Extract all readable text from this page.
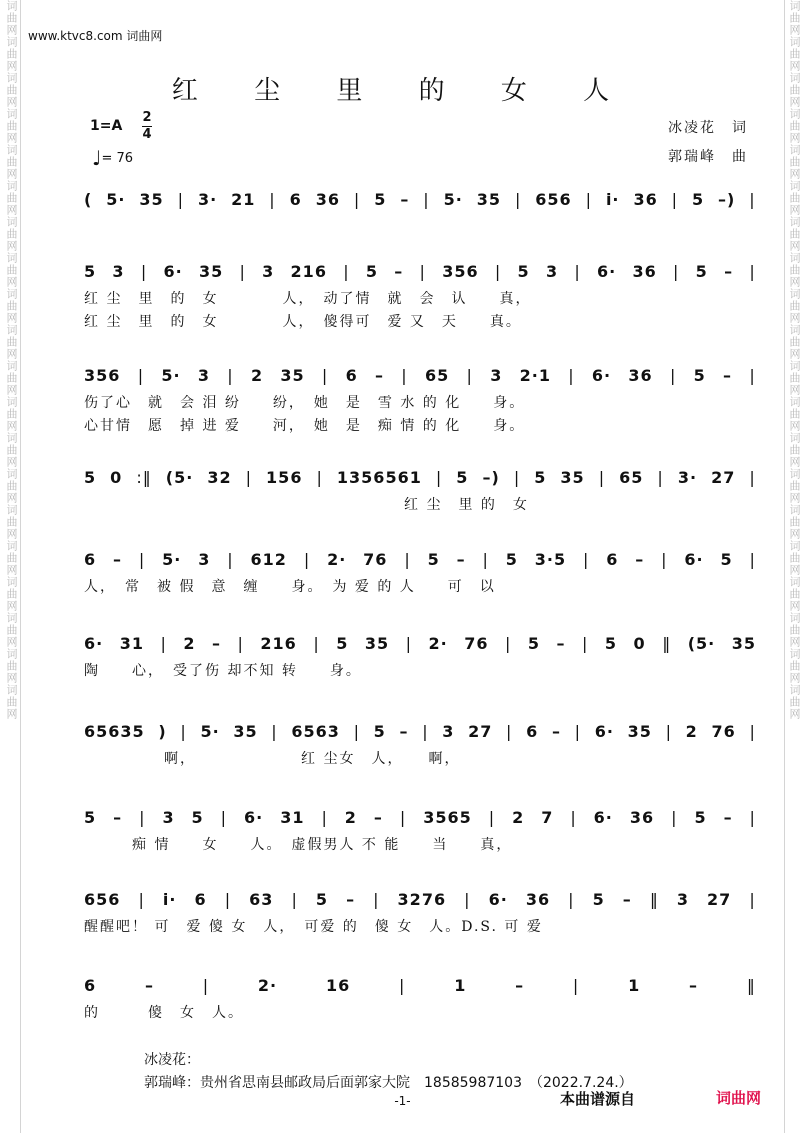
词曲网词曲网词曲网词曲网词曲网词曲网词曲网词曲网词曲网词曲网词曲网词曲网词曲网词曲网词曲网词曲网词曲网词曲网词曲网词曲网	词曲网词曲网词曲网词曲网词曲网词曲网词曲网词曲网词曲网词曲网词曲网词曲网词曲网词曲网词曲网词曲网词曲网词曲网词曲网词曲网
www.ktvc8.com 词曲网
红 尘 里 的 女 人
1=A
2
4
♩= 76
冰凌花　词
郭瑞峰　曲
( 5· 35 | 3· 21 | 6 36 | 5 – | 5· 35 | 656 | i· 36 | 5 –) |
5 3 | 6· 35 | 3 216 | 5 – | 356 | 5 3 | 6· 36 | 5 – |
红 尘　里　的　女　　　　人，　动了情　就　会　认　　真，
红 尘　里　的　女　　　　人，　傻得可　爱 又　天　　真。
356 | 5· 3 | 2 35 | 6 – | 65 | 3 2·1 | 6· 36 | 5 – |
伤了心　就　会 泪 纷　　纷，　她　是　雪 水 的 化　　身。
心甘情　愿　掉 进 爱　　河，　她　是　痴 情 的 化　　身。
5 0 :‖ (5· 32 | 156 | 1356561 | 5 –) | 5 35 | 65 | 3· 27 |
　　　　　　　　　　　　　　　　　　　　红 尘　里 的　女
6 – | 5· 3 | 612 | 2· 76 | 5 – | 5 3·5 | 6 – | 6· 5 |
人，　常　被 假　意　缠　　身。　为 爱 的 人　　可　以
6· 31 | 2 – | 216 | 5 35 | 2· 76 | 5 – | 5 0 ‖ (5· 35
陶　　心，　受了伤 却不知 转　　身。
65635 ) | 5· 35 | 6563 | 5 – | 3 27 | 6 – | 6· 35 | 2 76 |
　　　　　啊，　　　　　　　红 尘女　人，　　啊，
5 – | 3 5 | 6· 31 | 2 – | 3565 | 2 7 | 6· 36 | 5 – |
　　　痴 情　　女　　人。　虚假男人 不 能　　当　　真，
656 | i· 6 | 63 | 5 – | 3276 | 6· 36 | 5 – ‖ 3 27 |
醒醒吧！ 可　爱 傻 女　人，　可爱 的　傻 女　人。D.S. 可 爱
6	–	|	2·	16	|	1	–	|	1	–	‖
的　　　傻　女　人。
冰凌花：
郭瑞峰：贵州省思南县邮政局后面郭家大院　18585987103　（2022.7.24.）
-1-	本曲谱源自	词曲网
